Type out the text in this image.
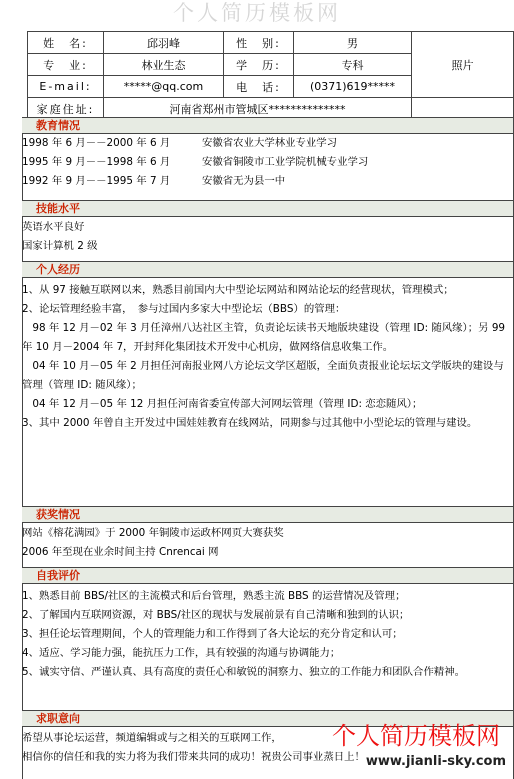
个人简历模板网
姓　名:	邱羽峰	性　别:	男	照片
专　业:	林业生态	学　历:	专科	
E-mail:	*****@qq.com	电　话:	(0371)619*****	
家庭住址:	河南省郑州市管城区**************			
教育情况
1998 年 6 月－－2000 年 6 月	安徽省农业大学林业专业学习
1995 年 9 月－－1998 年 6 月	安徽省铜陵市工业学院机械专业学习
1992 年 9 月－－1995 年 7 月	安徽省无为县一中
技能水平
英语水平良好
国家计算机 2 级
个人经历
1、从 97 接触互联网以来，熟悉目前国内大中型论坛网站和网站论坛的经营现状，管理模式；
2、论坛管理经验丰富，　参与过国内多家大中型论坛（BBS）的管理：
　98 年 12 月－02 年 3 月任漳州八达社区主管，负责论坛读书天地版块建设（管理 ID: 随风缘）；另 99 年 10 月－2004 年 7，开封拜化集团技术开发中心机房，做网络信息收集工作。
　04 年 10 月－05 年 2 月担任河南报业网八方论坛文学区超版，全面负责报业论坛坛文学版块的建设与管理（管理 ID: 随风缘）；
　04 年 12 月－05 年 12 月担任河南省委宣传部大河网坛管理（管理 ID: 恋恋随风）；
3、其中 2000 年曾自主开发过中国娃娃教育在线网站，同期参与过其他中小型论坛的管理与建设。
获奖情况
网站《榕花满园》于 2000 年铜陵市运政杯网页大赛获奖
2006 年至现在业余时间主持 Cnrencai 网
自我评价
1、熟悉目前 BBS/社区的主流模式和后台管理，熟悉主流 BBS 的运营情况及管理；
2、了解国内互联网资源，对 BBS/社区的现状与发展前景有自己清晰和独到的认识；
3、担任论坛管理期间，个人的管理能力和工作得到了各大论坛的充分肯定和认可；
4、适应、学习能力强，能抗压力工作，具有较强的沟通与协调能力；
5、诚实守信、严谨认真、具有高度的责任心和敏锐的洞察力、独立的工作能力和团队合作精神。
求职意向
希望从事论坛运营，频道编辑或与之相关的互联网工作，
相信你的信任和我的实力将为我们带来共同的成功！祝贵公司事业蒸日上！
个人简历模板网
www.jianli-sky.com
